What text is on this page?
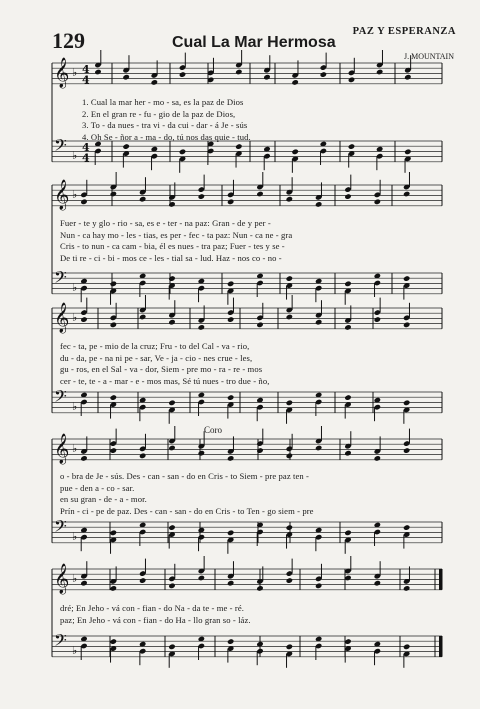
129	Cual La Mar Hermosa
PAZ Y ESPERANZA
J. MOUNTAIN
Coro
𝄞 ♭
𝄢 ♭
4
4
4
4
𝄞 ♭
𝄢 ♭
𝄞 ♭
𝄢 ♭
𝄞 ♭
𝄢 ♭
𝄞 ♭
𝄢 ♭
1. Cual la mar her - mo - sa, es la paz de Dios
2. En el gran re - fu - gio de la paz de Dios,
3. To - da nues - tra vi - da cui - dar - á Je - sús
4. Oh Se - ñor a - ma - do, tú nos das quie - tud.
Fuer - te y glo - rio - sa, es e - ter - na paz: Gran - de y per -
Nun - ca hay mo - les - tias, es per - fec - ta paz: Nun - ca ne - gra
Cris - to nun - ca cam - bia, él es nues - tra paz; Fuer - tes y se -
De ti re - ci - bi - mos ce - les - tial sa - lud. Haz - nos co - no -
fec - ta, pe - mio de la cruz; Fru - to del Cal - va - rio,
du - da, pe - na ni pe - sar, Ve - ja - cio - nes crue - les,
gu - ros, en el Sal - va - dor, Siem - pre mo - ra - re - mos
cer - te, te - a - mar - e - mos mas, Sé tú nues - tro due - ño,
o - bra de Je - sús. Des - can - san - do en Cris - to Siem - pre paz ten -
pue - den a - co - sar.
en su gran - de - a - mor.
Prín - ci - pe de paz. Des - can - san - do en Cris - to Ten - go siem - pre
dré; En Jeho - vá con - fian - do Na - da te - me - ré.
paz; En Jeho - vá con - fian - do Ha - llo gran so - láz.
